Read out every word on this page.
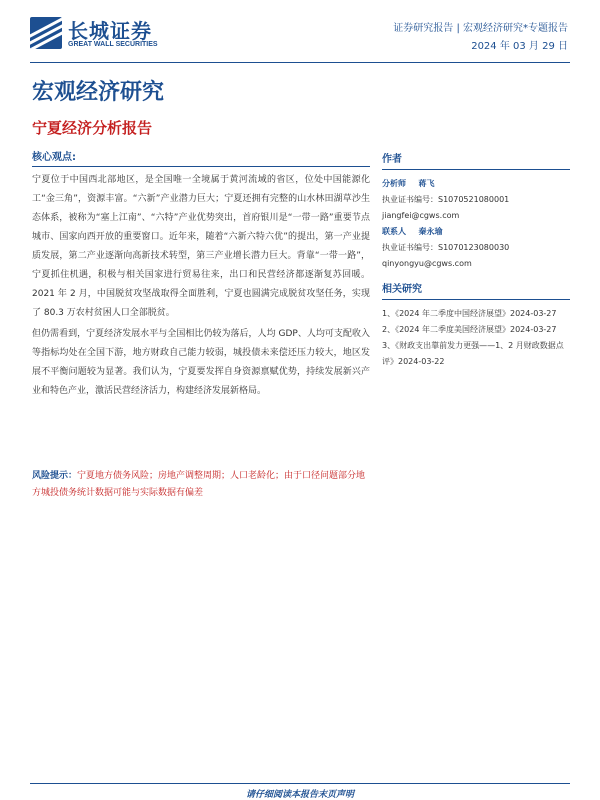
长城证券
GREAT WALL SECURITIES
证券研究报告 | 宏观经济研究*专题报告
2024 年 03 月 29 日
宏观经济研究
宁夏经济分析报告
核心观点:

宁夏位于中国西北部地区，是全国唯一全境属于黄河流域的省区，位处中国能源化工“金三角”，资源丰富。“六新”产业潜力巨大；宁夏还拥有完整的山水林田湖草沙生态体系，被称为“塞上江南”、“六特”产业优势突出，首府银川是“一带一路”重要节点城市、国家向西开放的重要窗口。近年来，随着“六新六特六优”的提出，第一产业提质发展，第二产业逐渐向高新技术转型，第三产业增长潜力巨大。背靠“一带一路”，宁夏抓住机遇，积极与相关国家进行贸易往来，出口和民营经济都逐渐复苏回暖。2021 年 2 月，中国脱贫攻坚战取得全面胜利，宁夏也圆满完成脱贫攻坚任务，实现了 80.3 万农村贫困人口全部脱贫。

但仍需看到，宁夏经济发展水平与全国相比仍较为落后，人均 GDP、人均可支配收入等指标均处在全国下游，地方财政自己能力较弱，城投债未来偿还压力较大，地区发展不平衡问题较为显著。我们认为，宁夏要发挥自身资源禀赋优势，持续发展新兴产业和特色产业，激活民营经济活力，构建经济发展新格局。

风险提示：宁夏地方债务风险；房地产调整周期；人口老龄化；由于口径问题部分地方城投债务统计数据可能与实际数据有偏差
作者
分析师 蒋飞
执业证书编号：S1070521080001
jiangfei@cgws.com
联系人 秦永瑜
执业证书编号：S1070123080030
qinyongyu@cgws.com
相关研究
1、《2024 年二季度中国经济展望》2024-03-27
2、《2024 年二季度美国经济展望》2024-03-27
3、《财政支出靠前发力更强——1、2 月财政数据点评》2024-03-22
请仔细阅读本报告末页声明
